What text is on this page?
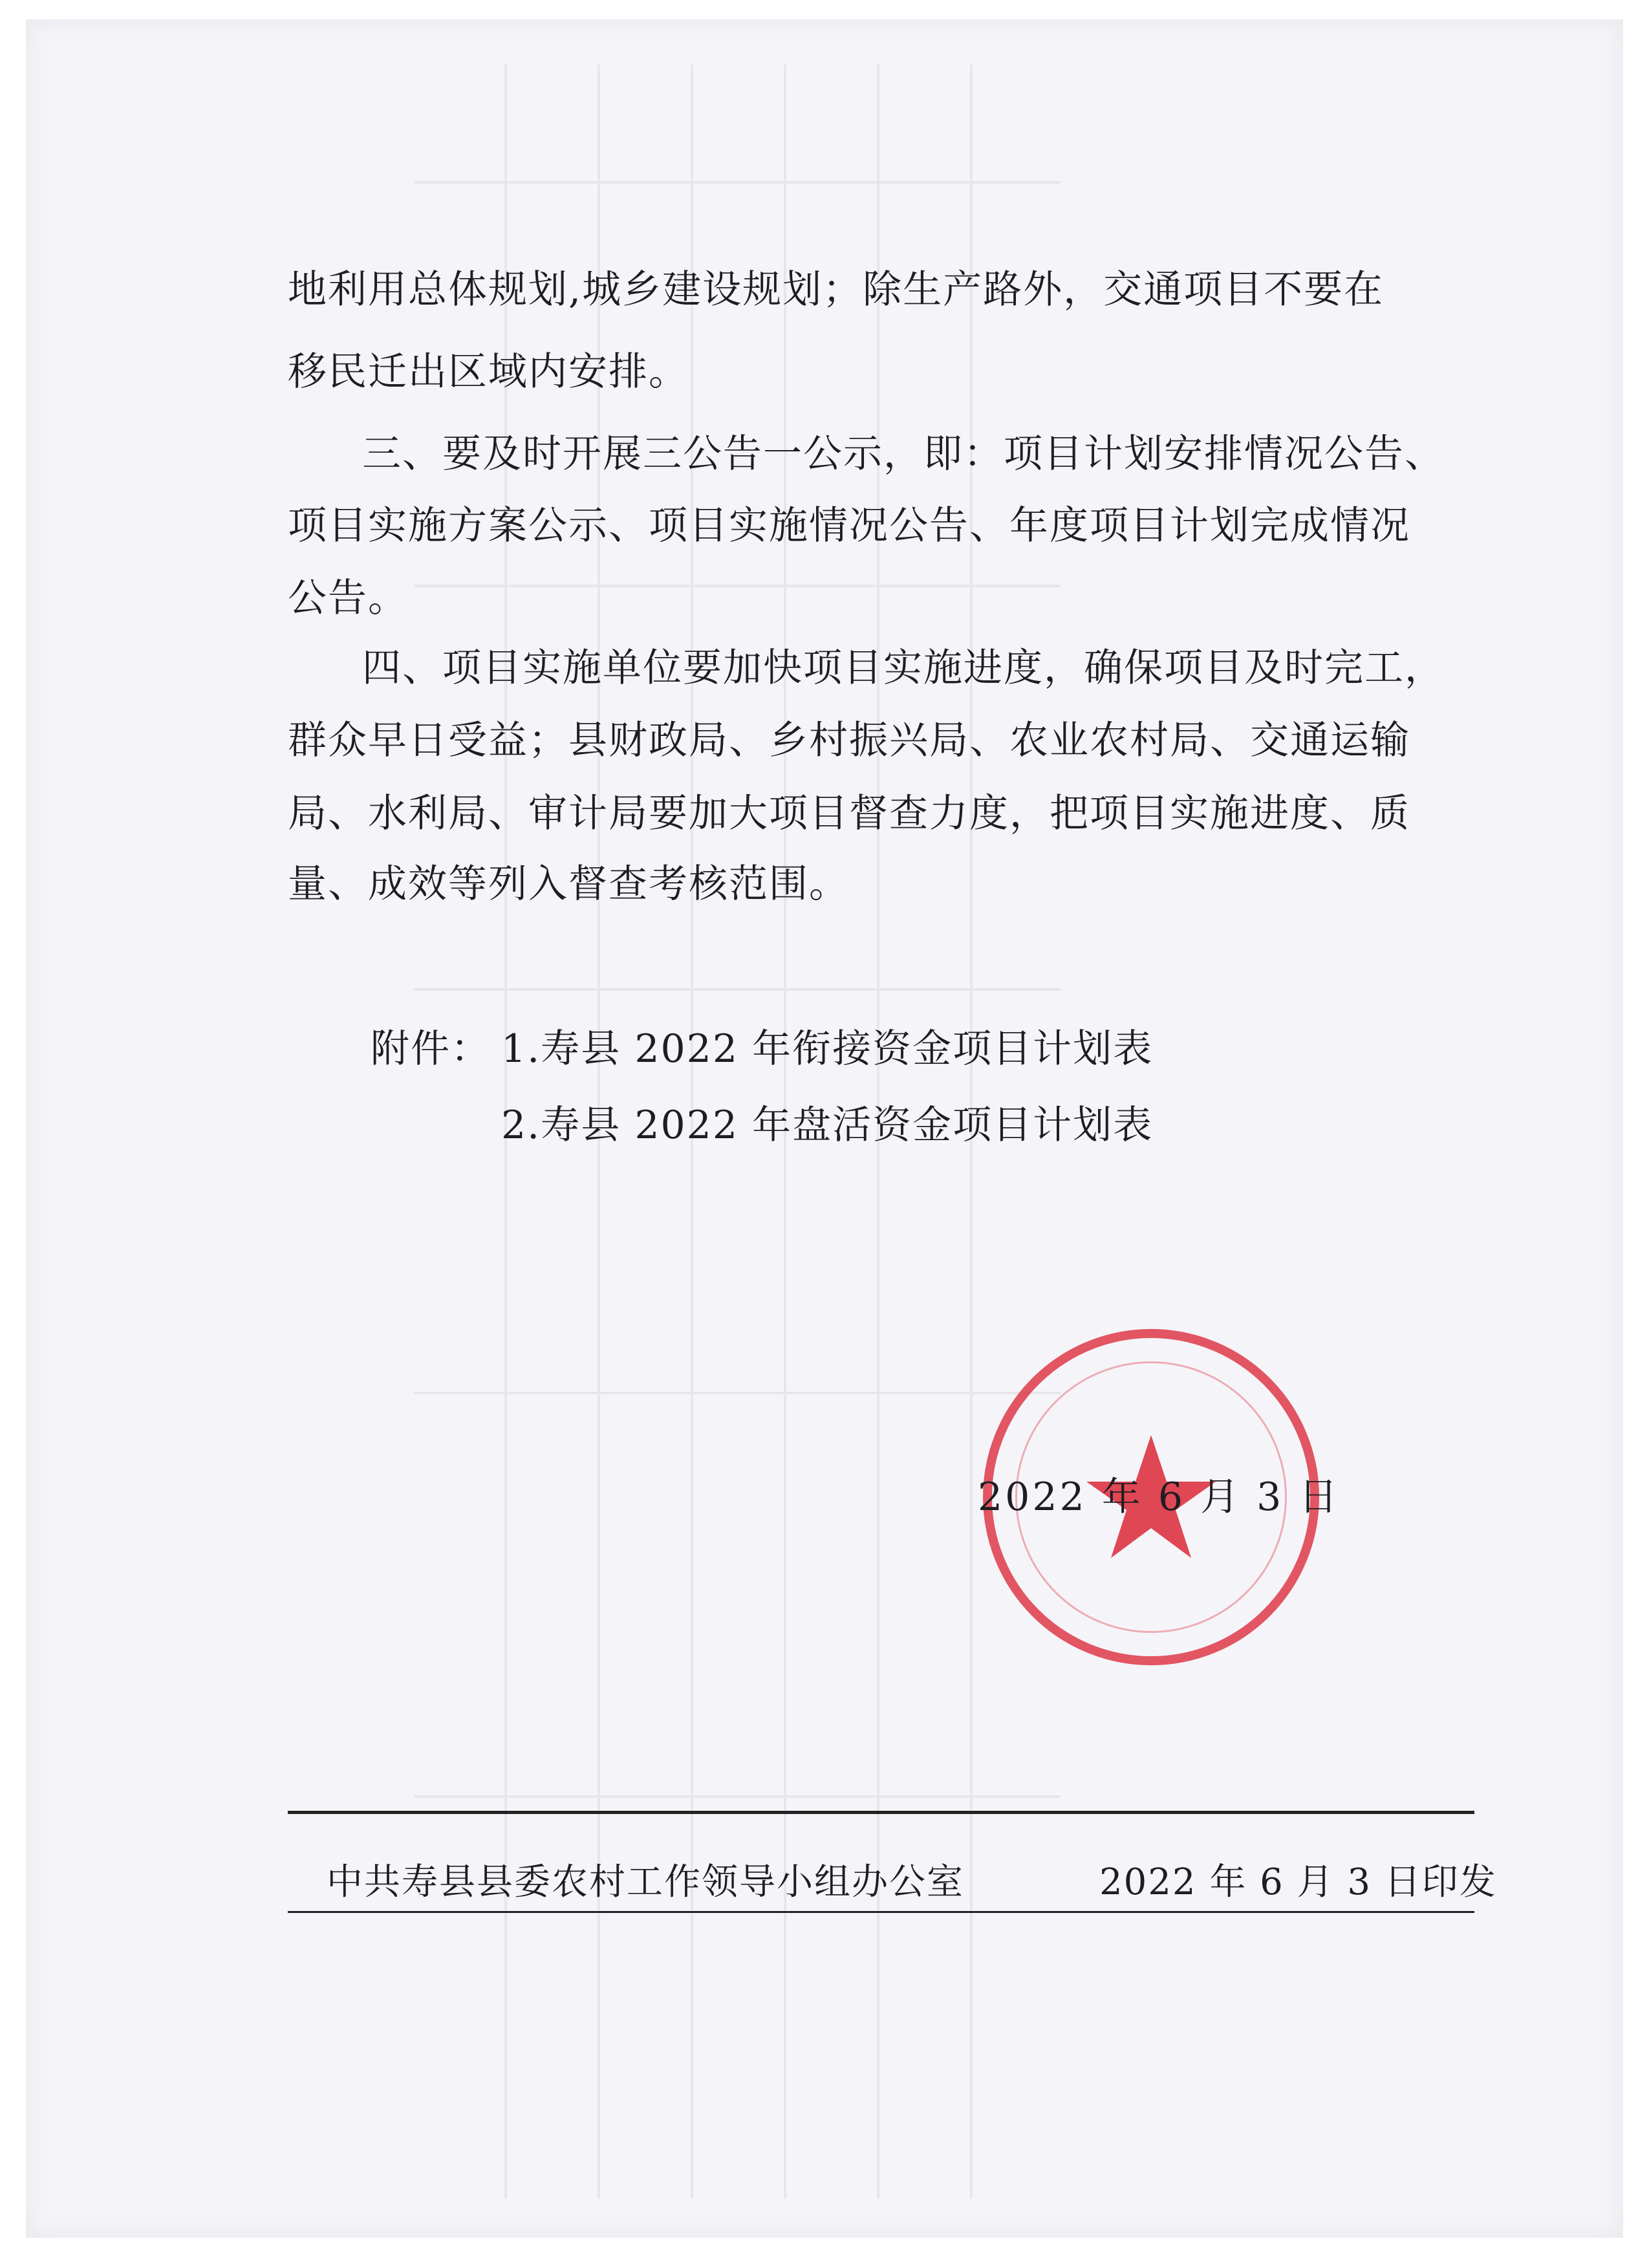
地利用总体规划,城乡建设规划；除生产路外，交通项目不要在
移民迁出区域内安排。
三、要及时开展三公告一公示，即：项目计划安排情况公告、
项目实施方案公示、项目实施情况公告、年度项目计划完成情况
公告。
四、项目实施单位要加快项目实施进度，确保项目及时完工，
群众早日受益；县财政局、乡村振兴局、农业农村局、交通运输
局、水利局、审计局要加大项目督查力度，把项目实施进度、质
量、成效等列入督查考核范围。
附件： 1.寿县 2022 年衔接资金项目计划表
2.寿县 2022 年盘活资金项目计划表
2022 年 6 月 3 日
中共寿县县委农村工作领导小组办公室	2022 年 6 月 3 日印发
